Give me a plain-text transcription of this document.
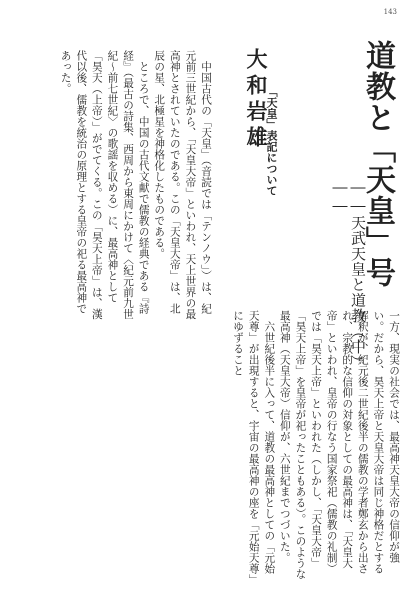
143
道教と「天皇」号
――天武天皇と道教（中）――
大和岩雄
「天皇」表記について

中国古代の「天皇」（音読では「テンノウ」）は、紀元前三世紀から、「天皇大帝」といわれ、天上世界の最高神とされていたのである。この「天皇大帝」は、北辰の星、北極星を神格化したものである。

ところで、中国の古代文献で儒教の経典である『詩経』（最古の詩集、西周から東周にかけて〈紀元前九世紀〜前七世紀〉の歌謡を収める）に、最高神として「昊天（上帝）」がでてくる。この「昊天上帝」は、漢代以後、儒教を統治の原理とする皇帝の祀る最高神であった。

一方、現実の社会では、最高神天皇大帝の信仰が強い。だから、昊天上帝と天皇大帝は同じ神格だとする解釈が、紀元後二世紀後半の儒教の学者鄭玄から出され、宗教的な信仰の対象としての最高神は、「天皇大帝」といわれ、皇帝の行なう国家祭祀（儒教の礼制）では「昊天上帝」といわれた（しかし、「天皇大帝」「昊天上帝」を皇帝が祀ったこともある）。このような最高神（天皇大帝）信仰が、六世紀までつづいた。

六世紀後半に入って、道教の最高神としての「元始天尊」が出現すると、宇宙の最高神の座を「元始天尊」にゆずること
